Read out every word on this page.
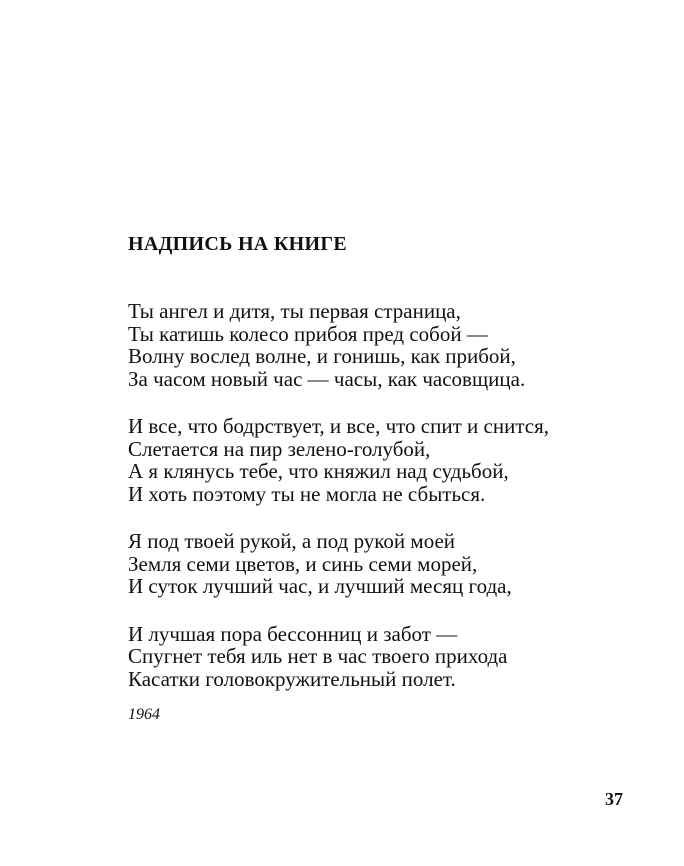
НАДПИСЬ НА КНИГЕ
Ты ангел и дитя, ты первая страница,
Ты катишь колесо прибоя пред собой —
Волну вослед волне, и гонишь, как прибой,
За часом новый час — часы, как часовщица.
И все, что бодрствует, и все, что спит и снится,
Слетается на пир зелено-голубой,
А я клянусь тебе, что княжил над судьбой,
И хоть поэтому ты не могла не сбыться.
Я под твоей рукой, а под рукой моей
Земля семи цветов, и синь семи морей,
И суток лучший час, и лучший месяц года,
И лучшая пора бессонниц и забот —
Спугнет тебя иль нет в час твоего прихода
Касатки головокружительный полет.
1964
37
